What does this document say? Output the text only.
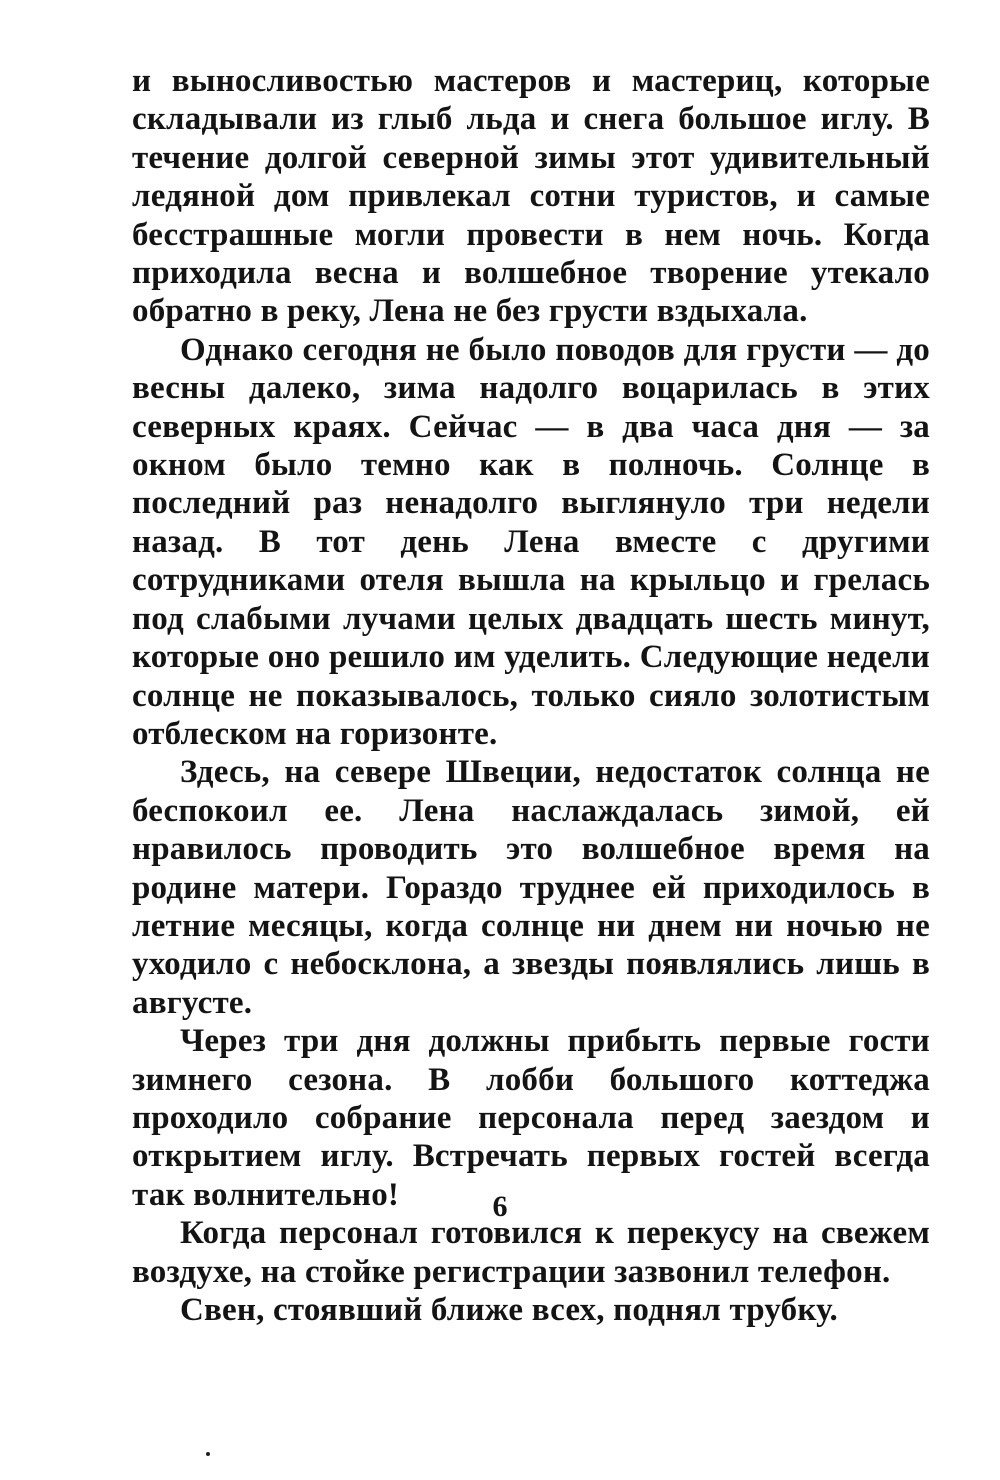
и выносливостью мастеров и мастериц, которые складывали из глыб льда и снега большое иглу. В течение долгой северной зимы этот удивительный ледяной дом привлекал сотни туристов, и самые бесстрашные могли провести в нем ночь. Когда приходила весна и волшебное творение утекало обратно в реку, Лена не без грусти вздыхала.

Однако сегодня не было поводов для грусти — до весны далеко, зима надолго воцарилась в этих северных краях. Сейчас — в два часа дня — за окном было темно как в полночь. Солнце в последний раз ненадолго выглянуло три недели назад. В тот день Лена вместе с другими сотрудниками отеля вышла на крыльцо и грелась под слабыми лучами целых двадцать шесть минут, которые оно решило им уделить. Следующие недели солнце не показывалось, только сияло золотистым отблеском на горизонте.

Здесь, на севере Швеции, недостаток солнца не беспокоил ее. Лена наслаждалась зимой, ей нравилось проводить это волшебное время на родине матери. Гораздо труднее ей приходилось в летние месяцы, когда солнце ни днем ни ночью не уходило с небосклона, а звезды появлялись лишь в августе.

Через три дня должны прибыть первые гости зимнего сезона. В лобби большого коттеджа проходило собрание персонала перед заездом и открытием иглу. Встречать первых гостей всегда так волнительно!

Когда персонал готовился к перекусу на свежем воздухе, на стойке регистрации зазвонил телефон.

Свен, стоявший ближе всех, поднял трубку.

6
